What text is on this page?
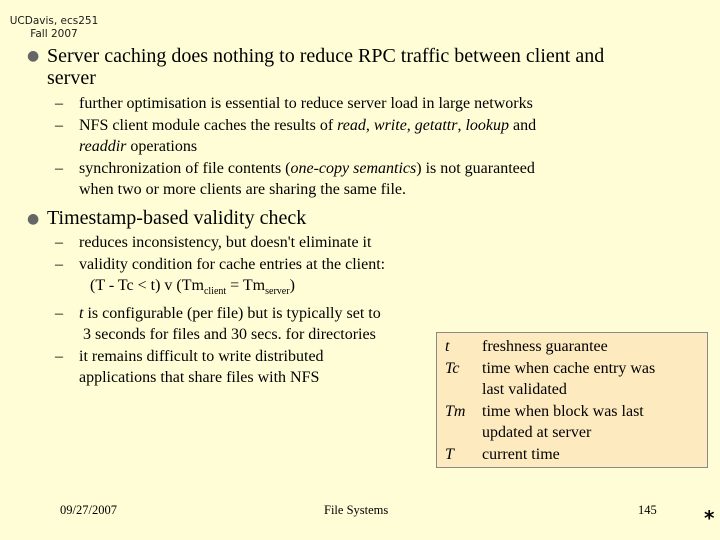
UCDavis, ecs251
Fall 2007
● Server caching does nothing to reduce RPC traffic between client and
server
– further optimisation is essential to reduce server load in large networks
– NFS client module caches the results of read, write, getattr, lookup and
readdir operations
– synchronization of file contents (one-copy semantics) is not guaranteed
when two or more clients are sharing the same file.
● Timestamp-based validity check
– reduces inconsistency, but doesn't eliminate it
– validity condition for cache entries at the client:
(T - Tc < t) v $(Tm_{client} = Tm_{server})$
– t is configurable (per file) but is typically set to
3 seconds for files and 30 secs. for directories
– it remains difficult to write distributed
applications that share files with NFS
t	freshness guarantee
Tc	time when cache entry was
last validated
Tm	time when block was last
updated at server
T	current time
09/27/2007	File Systems	145 *
